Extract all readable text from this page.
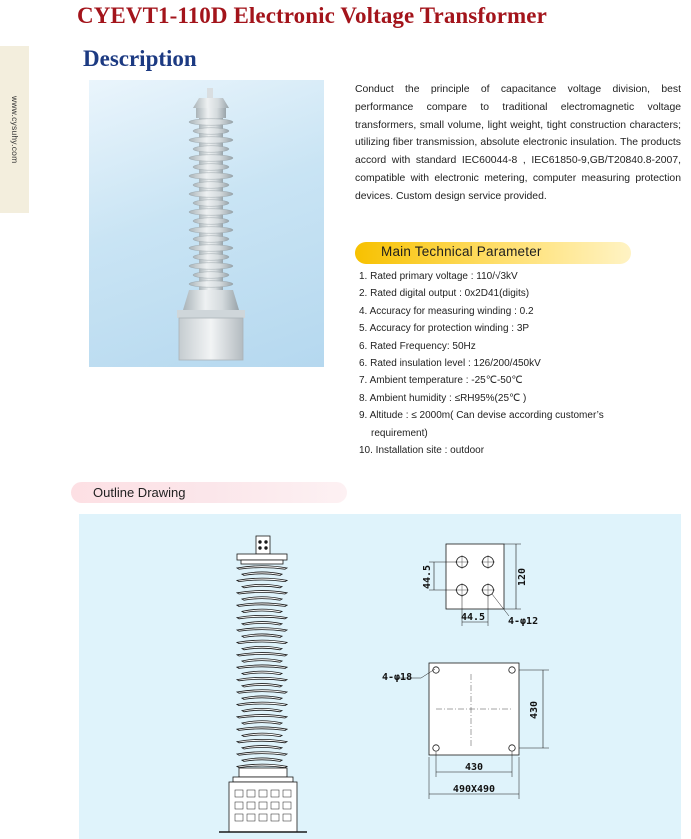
www.cysuhy.com
CYEVT1-110D Electronic Voltage Transformer
Description

Conduct the principle of capacitance voltage division, best performance compare to traditional electromagnetic voltage transformers, small volume, light weight, tight construction characters; utilizing fiber transmission, absolute electronic insulation. The products accord with standard IEC60044-8 , IEC61850-9,GB/T20840.8-2007, compatible with electronic metering, computer measuring protection devices. Custom design service provided.

Main Technical Parameter
1. Rated primary voltage : 110/√3kV
2. Rated digital output : 0x2D41(digits)
4. Accuracy for measuring winding : 0.2
5. Accuracy for protection winding : 3P
6. Rated Frequency: 50Hz
6. Rated insulation level : 126/200/450kV
7. Ambient temperature : -25℃-50℃
8. Ambient humidity : ≤RH95%(25℃ )
9. Altitude : ≤ 2000m( Can devise according customer’s
requirement)
10. Installation site : outdoor
Outline Drawing
44.5	120
44.5 4-φ12
4-φ18
430
430
490X490
